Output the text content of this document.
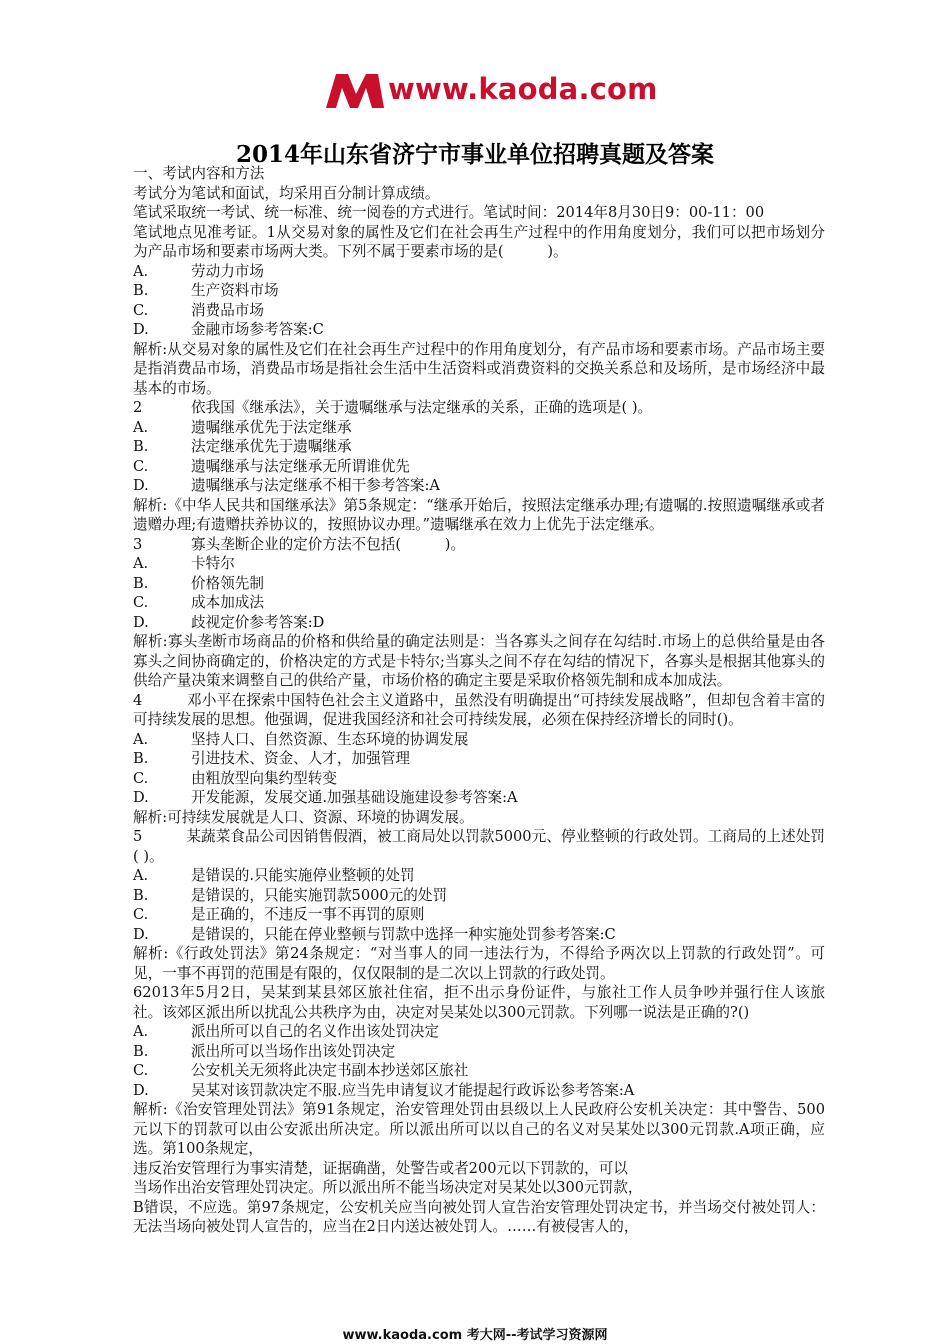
www.kaoda.com
2014年山东省济宁市事业单位招聘真题及答案

一、考试内容和方法

考试分为笔试和面试，均采用百分制计算成绩。

笔试采取统一考试、统一标准、统一阅卷的方式进行。笔试时间：2014年8月30日9：00-11：00

笔试地点见准考证。1从交易对象的属性及它们在社会再生产过程中的作用角度划分，我们可以把市场划分为产品市场和要素市场两大类。下列不属于要素市场的是(　　　)。

A.	劳动力市场
B.	生产资料市场
C.	消费品市场
D.	金融市场参考答案:C

解析:从交易对象的属性及它们在社会再生产过程中的作用角度划分，有产品市场和要素市场。产品市场主要是指消费品市场，消费品市场是指社会生活中生活资料或消费资料的交换关系总和及场所，是市场经济中最基本的市场。

2	依我国《继承法》，关于遗嘱继承与法定继承的关系，正确的选项是( )。
A.	遗嘱继承优先于法定继承
B.	法定继承优先于遗嘱继承
C.	遗嘱继承与法定继承无所谓谁优先
D.	遗嘱继承与法定继承不相干参考答案:A

解析:《中华人民共和国继承法》第5条规定：“继承开始后，按照法定继承办理;有遗嘱的.按照遗嘱继承或者遗赠办理;有遗赠扶养协议的，按照协议办理。”遗嘱继承在效力上优先于法定继承。

3	寡头垄断企业的定价方法不包括(　　　)。
A.	卡特尔
B.	价格领先制
C.	成本加成法
D.	歧视定价参考答案:D

解析:寡头垄断市场商品的价格和供给量的确定法则是：当各寡头之间存在勾结时.市场上的总供给量是由各寡头之间协商确定的，价格决定的方式是卡特尔;当寡头之间不存在勾结的情况下，各寡头是根据其他寡头的供给产量决策来调整自己的供给产量，市场价格的确定主要是采取价格领先制和成本加成法。

4　　　邓小平在探索中国特色社会主义道路中，虽然没有明确提出“可持续发展战略”，但却包含着丰富的可持续发展的思想。他强调，促进我国经济和社会可持续发展，必须在保持经济增长的同时()。

A.	坚持人口、自然资源、生态环境的协调发展
B.	引进技术、资金、人才，加强管理
C.	由粗放型向集约型转变
D.	开发能源，发展交通.加强基础设施建设参考答案:A

解析:可持续发展就是人口、资源、环境的协调发展。

5　　　某蔬菜食品公司因销售假酒，被工商局处以罚款5000元、停业整顿的行政处罚。工商局的上述处罚( )。

A.	是错误的.只能实施停业整顿的处罚
B.	是错误的，只能实施罚款5000元的处罚
C.	是正确的，不违反一事不再罚的原则
D.	是错误的，只能在停业整顿与罚款中选择一种实施处罚参考答案:C

解析:《行政处罚法》第24条规定：“对当事人的同一违法行为，不得给予两次以上罚款的行政处罚”。可见，一事不再罚的范围是有限的，仅仅限制的是二次以上罚款的行政处罚。

62013年5月2日，吴某到某县郊区旅社住宿，拒不出示身份证件，与旅社工作人员争吵并强行住人该旅社。该郊区派出所以扰乱公共秩序为由，决定对吴某处以300元罚款。下列哪一说法是正确的?()

A.	派出所可以自己的名义作出该处罚决定
B.	派出所可以当场作出该处罚决定
C.	公安机关无须将此决定书副本抄送郊区旅社
D.	吴某对该罚款决定不服.应当先申请复议才能提起行政诉讼参考答案:A

解析:《治安管理处罚法》第91条规定，治安管理处罚由县级以上人民政府公安机关决定：其中警告、500元以下的罚款可以由公安派出所决定。所以派出所可以以自己的名义对吴某处以300元罚款.A项正确，应选。第100条规定，

违反治安管理行为事实清楚，证据确凿，处警告或者200元以下罚款的，可以

当场作出治安管理处罚决定。所以派出所不能当场决定对吴某处以300元罚款，

B错误，不应选。第97条规定，公安机关应当向被处罚人宣告治安管理处罚决定书，并当场交付被处罚人：无法当场向被处罚人宣告的，应当在2日内送达被处罚人。……有被侵害人的，

www.kaoda.com 考大网--考试学习资源网
